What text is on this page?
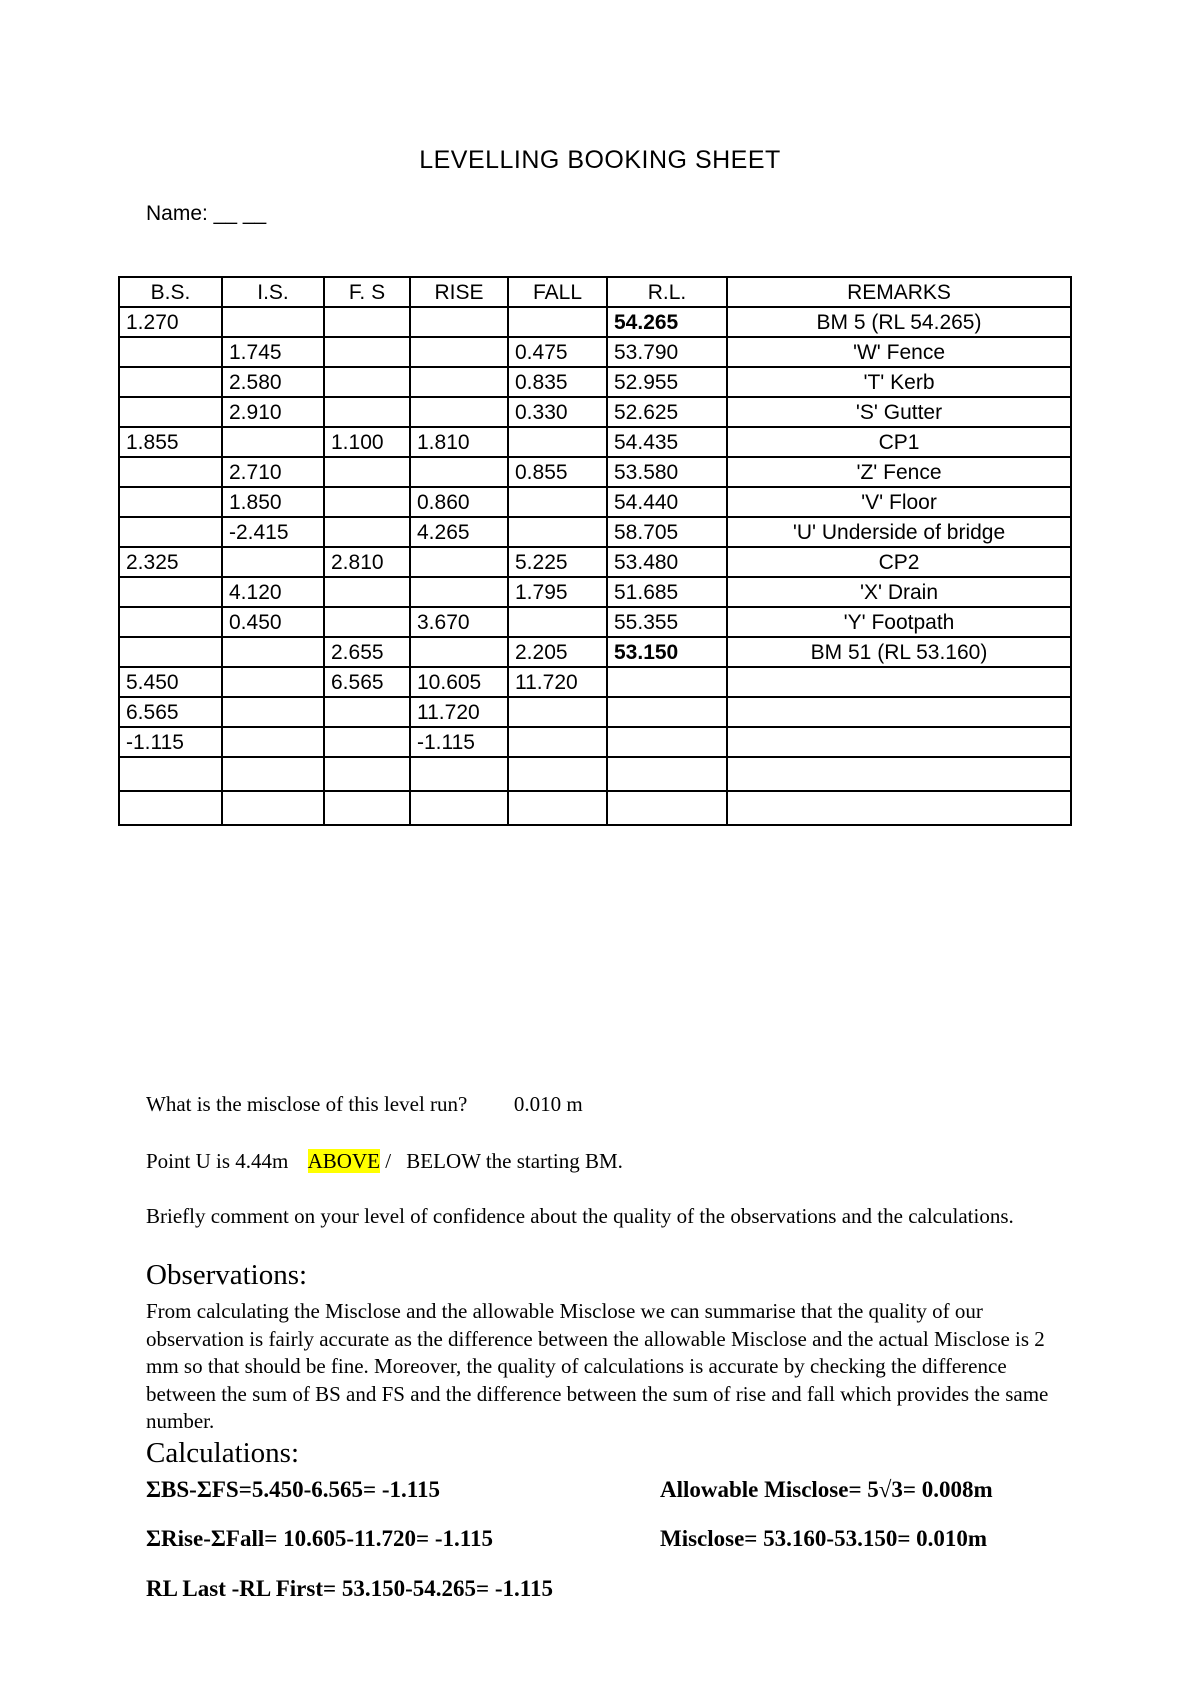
LEVELLING BOOKING SHEET
Name: __ __
B.S.	I.S.	F. S	RISE	FALL	R.L.	REMARKS
1.270					54.265	BM 5 (RL 54.265)
	1.745			0.475	53.790	'W' Fence
	2.580			0.835	52.955	'T' Kerb
	2.910			0.330	52.625	'S' Gutter
1.855		1.100	1.810		54.435	CP1
	2.710			0.855	53.580	'Z' Fence
	1.850		0.860		54.440	'V' Floor
	-2.415		4.265		58.705	'U' Underside of bridge
2.325		2.810		5.225	53.480	CP2
	4.120			1.795	51.685	'X' Drain
	0.450		3.670		55.355	'Y' Footpath
		2.655		2.205	53.150	BM 51 (RL 53.160)
5.450		6.565	10.605	11.720		
6.565			11.720			
-1.115			-1.115			

What is the misclose of this level run? 0.010 m
Point U is 4.44m ABOVE / BELOW the starting BM.
Briefly comment on your level of confidence about the quality of the observations and the calculations.
Observations:
From calculating the Misclose and the allowable Misclose we can summarise that the quality of our observation is fairly accurate as the difference between the allowable Misclose and the actual Misclose is 2 mm so that should be fine. Moreover, the quality of calculations is accurate by checking the difference between the sum of BS and FS and the difference between the sum of rise and fall which provides the same number.
Calculations:
ΣBS-ΣFS=5.450-6.565= -1.115	Allowable Misclose= 5√3= 0.008m
ΣRise-ΣFall= 10.605-11.720= -1.115	Misclose= 53.160-53.150= 0.010m
RL Last -RL First= 53.150-54.265= -1.115
